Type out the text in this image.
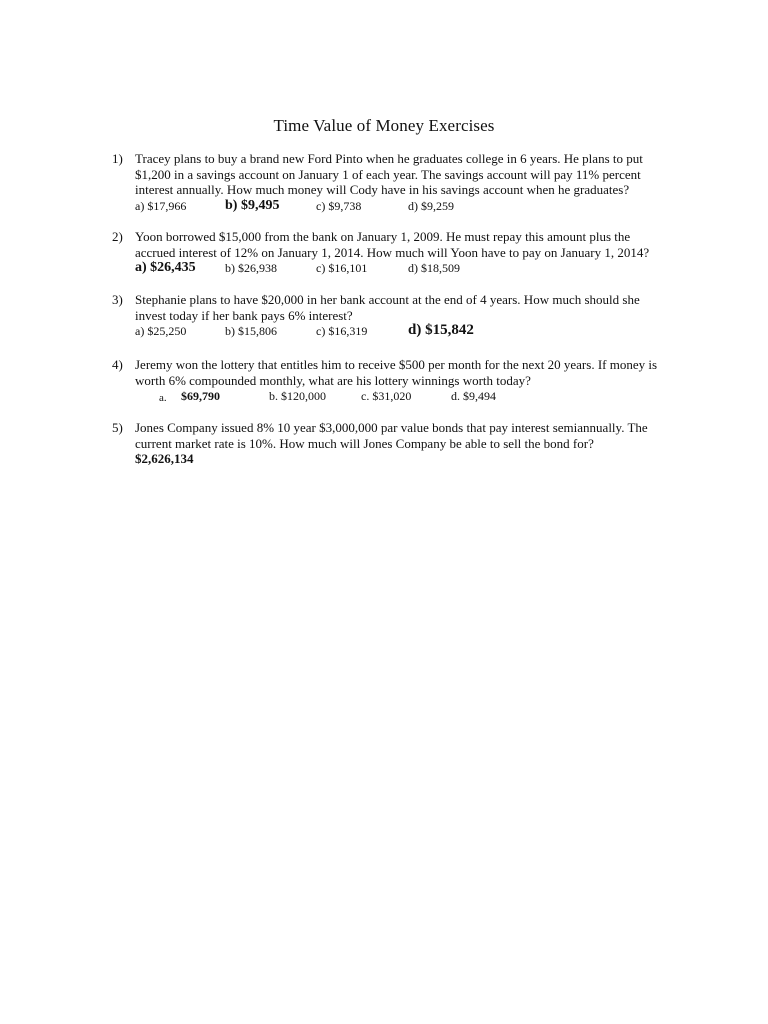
Time Value of Money Exercises
1) Tracey plans to buy a brand new Ford Pinto when he graduates college in 6 years. He plans to put
$1,200 in a savings account on January 1 of each year. The savings account will pay 11% percent
interest annually. How much money will Cody have in his savings account when he graduates?
a) $17,966	b) $9,495	c) $9,738	d) $9,259
2) Yoon borrowed $15,000 from the bank on January 1, 2009. He must repay this amount plus the
accrued interest of 12% on January 1, 2014. How much will Yoon have to pay on January 1, 2014?
a) $26,435 b) $26,938	c) $16,101	d) $18,509
3) Stephanie plans to have $20,000 in her bank account at the end of 4 years. How much should she
invest today if her bank pays 6% interest?
a) $25,250	b) $15,806	c) $16,319	d) $15,842
4) Jeremy won the lottery that entitles him to receive $500 per month for the next 20 years. If money is
worth 6% compounded monthly, what are his lottery winnings worth today?
a. $69,790	b. $120,000	c. $31,020	d. $9,494
5) Jones Company issued 8% 10 year $3,000,000 par value bonds that pay interest semiannually. The
current market rate is 10%. How much will Jones Company be able to sell the bond for?
$2,626,134
